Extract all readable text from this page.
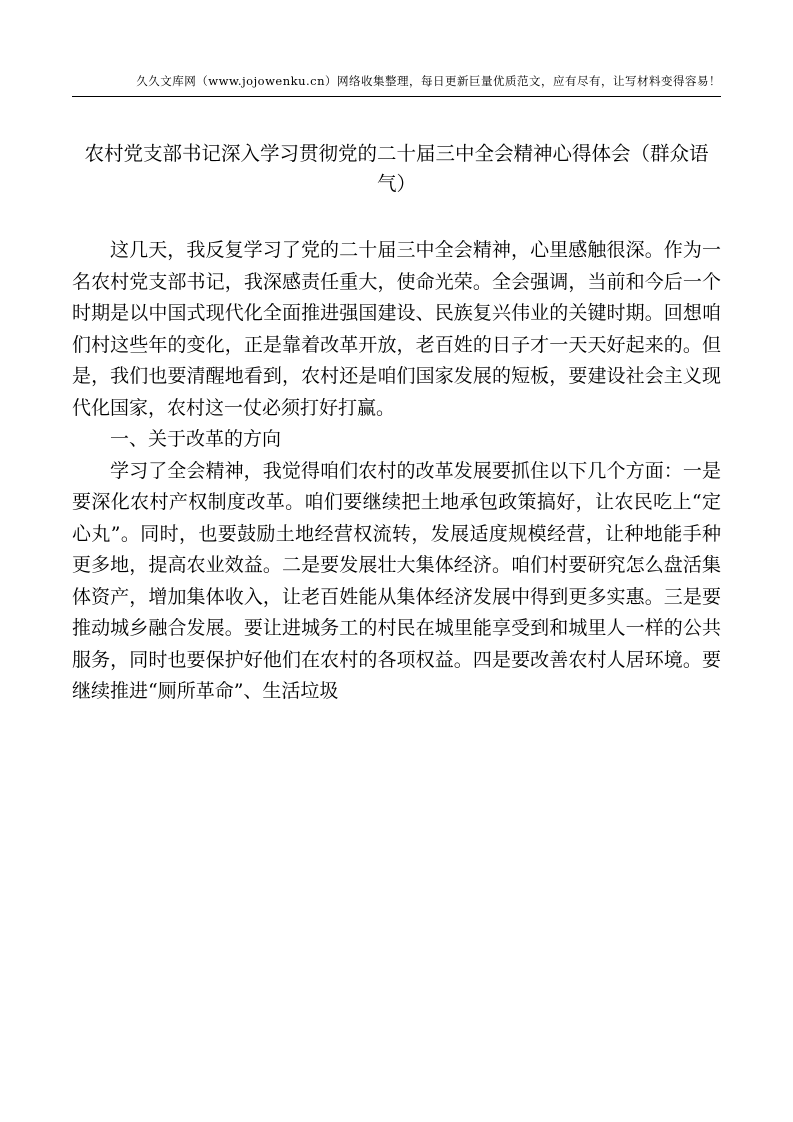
久久文库网（www.jojowenku.cn）网络收集整理，每日更新巨量优质范文，应有尽有，让写材料变得容易！
农村党支部书记深入学习贯彻党的二十届三中全会精神心得体会（群众语气）

这几天，我反复学习了党的二十届三中全会精神，心里感触很深。作为一名农村党支部书记，我深感责任重大，使命光荣。全会强调，当前和今后一个时期是以中国式现代化全面推进强国建设、民族复兴伟业的关键时期。回想咱们村这些年的变化，正是靠着改革开放，老百姓的日子才一天天好起来的。但是，我们也要清醒地看到，农村还是咱们国家发展的短板，要建设社会主义现代化国家，农村这一仗必须打好打赢。

一、关于改革的方向

学习了全会精神，我觉得咱们农村的改革发展要抓住以下几个方面：一是要深化农村产权制度改革。咱们要继续把土地承包政策搞好，让农民吃上“定心丸”。同时，也要鼓励土地经营权流转，发展适度规模经营，让种地能手种更多地，提高农业效益。二是要发展壮大集体经济。咱们村要研究怎么盘活集体资产，增加集体收入，让老百姓能从集体经济发展中得到更多实惠。三是要推动城乡融合发展。要让进城务工的村民在城里能享受到和城里人一样的公共服务，同时也要保护好他们在农村的各项权益。四是要改善农村人居环境。要继续推进“厕所革命”、生活垃圾
